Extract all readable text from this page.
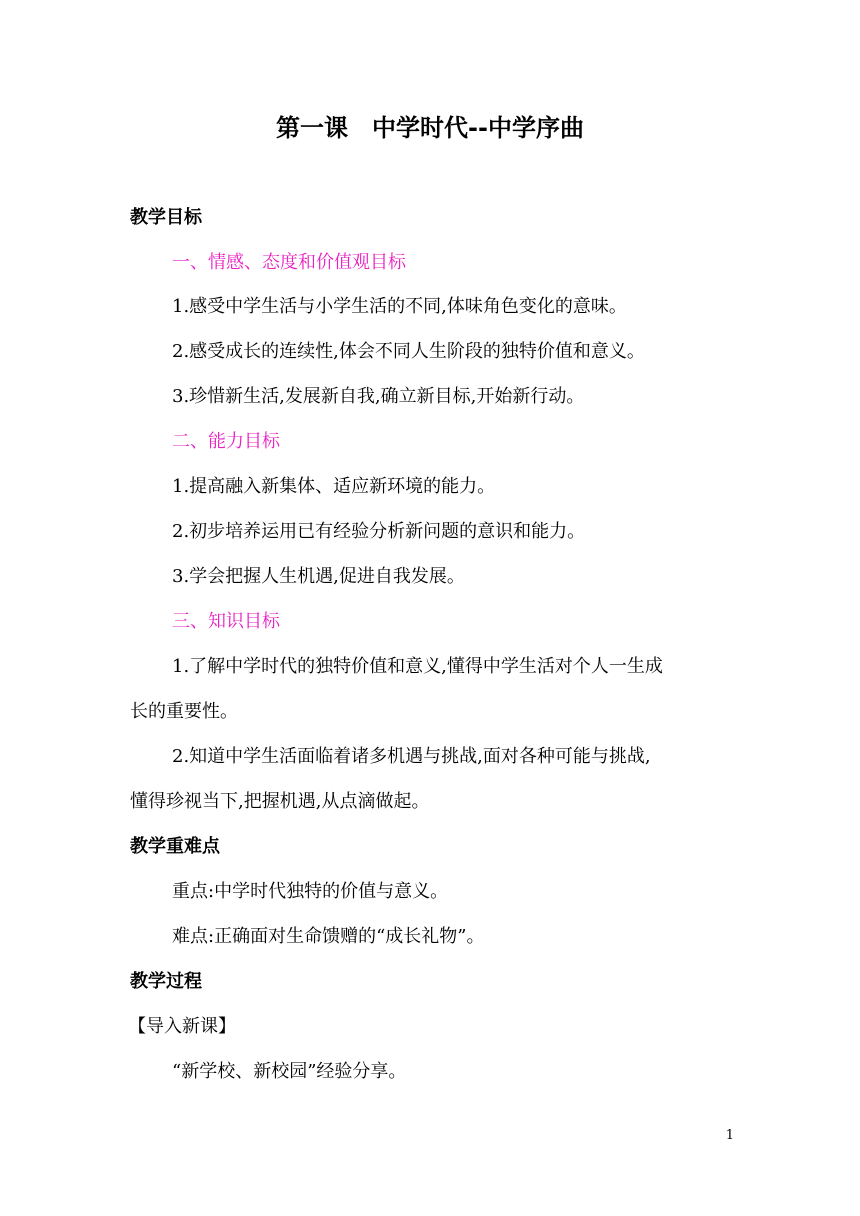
第一课　中学时代--中学序曲
教学目标
一、情感、态度和价值观目标
1.感受中学生活与小学生活的不同,体味角色变化的意味。
2.感受成长的连续性,体会不同人生阶段的独特价值和意义。
3.珍惜新生活,发展新自我,确立新目标,开始新行动。
二、能力目标
1.提高融入新集体、适应新环境的能力。
2.初步培养运用已有经验分析新问题的意识和能力。
3.学会把握人生机遇,促进自我发展。
三、知识目标
1.了解中学时代的独特价值和意义,懂得中学生活对个人一生成
长的重要性。
2.知道中学生活面临着诸多机遇与挑战,面对各种可能与挑战,
懂得珍视当下,把握机遇,从点滴做起。
教学重难点
重点:中学时代独特的价值与意义。
难点:正确面对生命馈赠的“成长礼物”。
教学过程
【导入新课】
“新学校、新校园”经验分享。
1
